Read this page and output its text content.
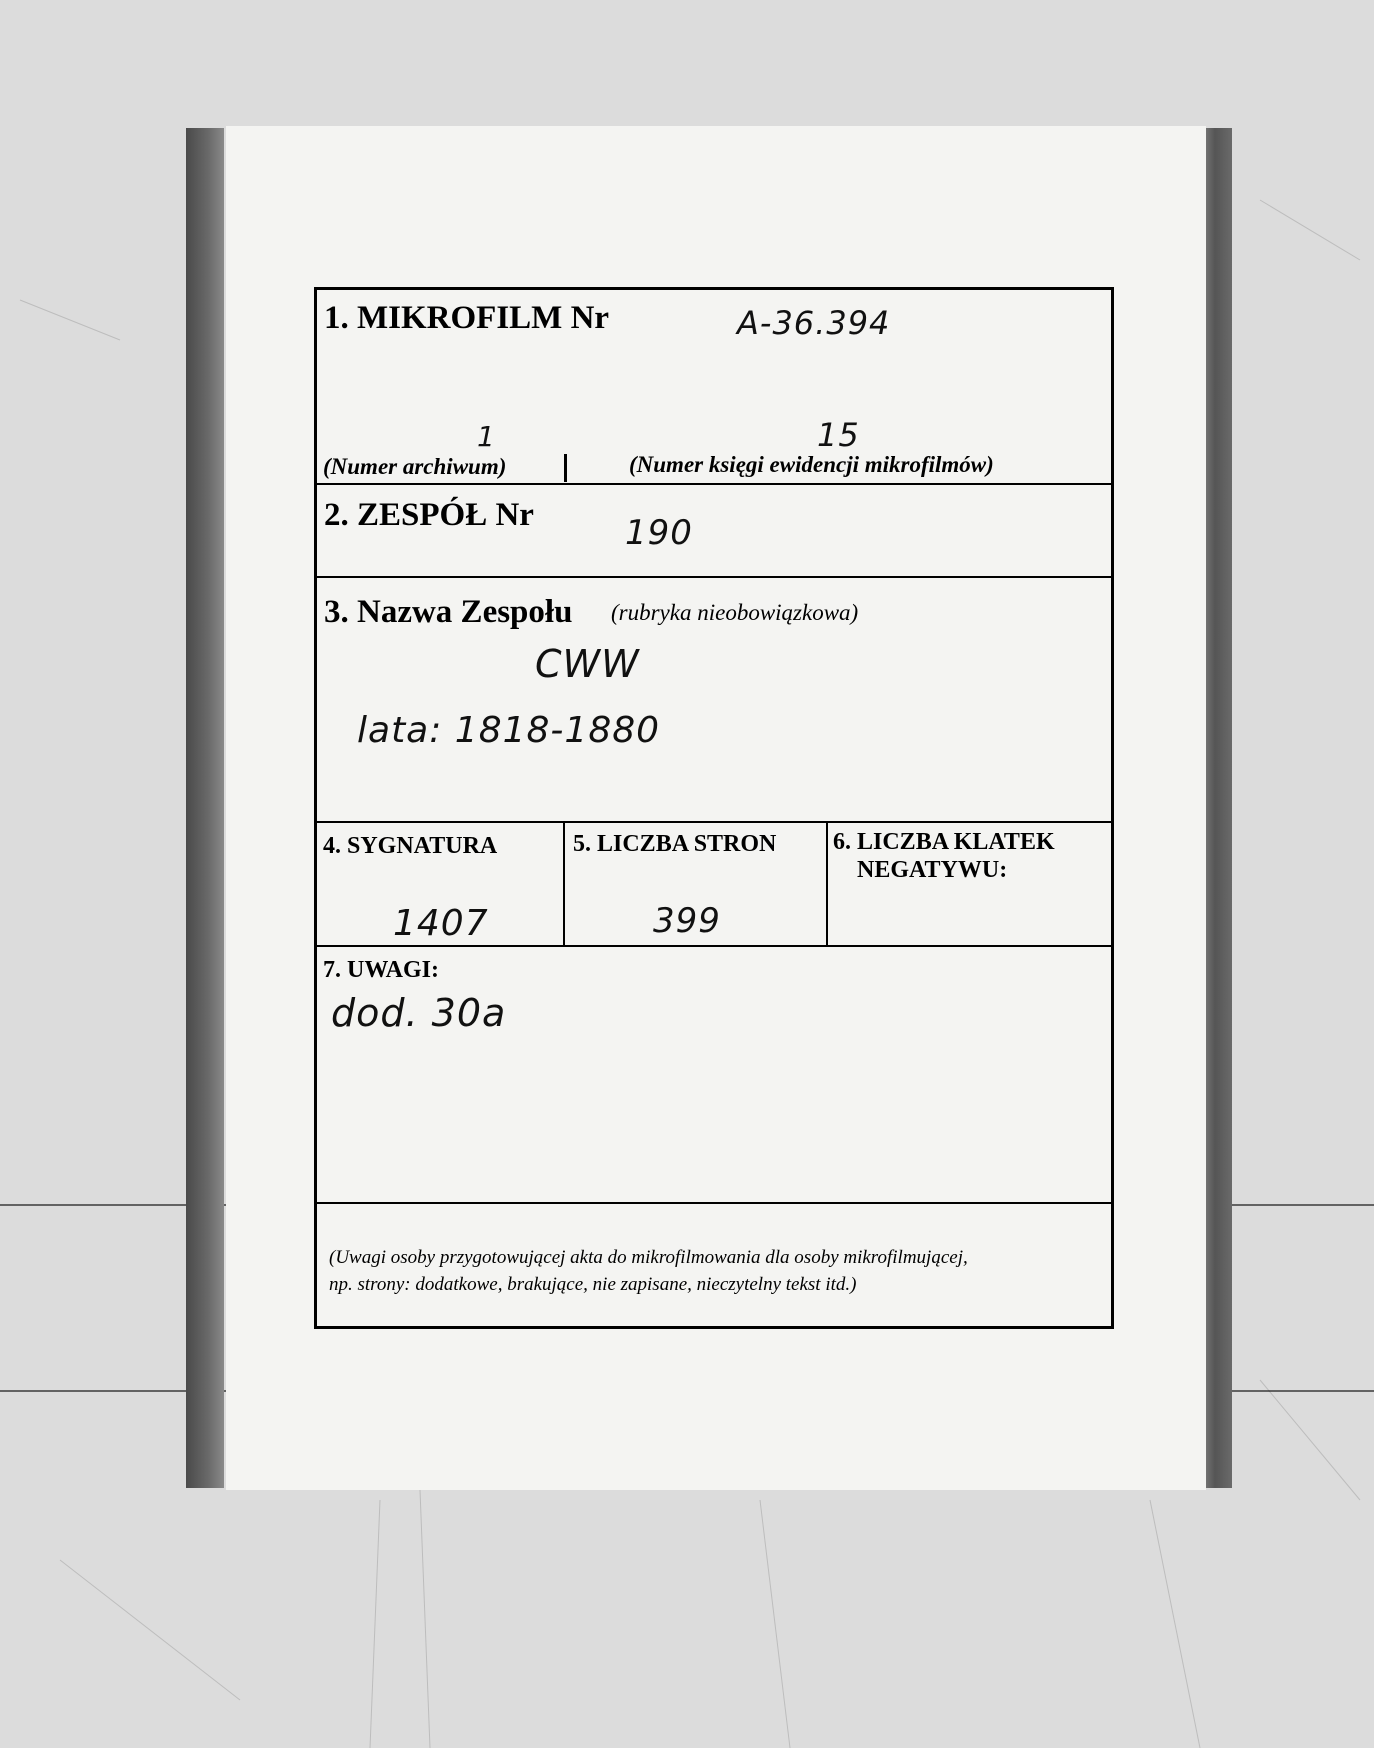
1. MIKROFILM Nr	A-36.394
1	15
(Numer archiwum)	(Numer księgi ewidencji mikrofilmów)
2. ZESPÓŁ Nr	190
3. Nazwa Zespołu (rubryka nieobowiązkowa)
CWW
lata: 1818-1880
4. SYGNATURA
1407
5. LICZBA STRON
399
6. LICZBA KLATEK
NEGATYWU:
7. UWAGI:
dod. 30a
(Uwagi osoby przygotowującej akta do mikrofilmowania dla osoby mikrofilmującej,
np. strony: dodatkowe, brakujące, nie zapisane, nieczytelny tekst itd.)
